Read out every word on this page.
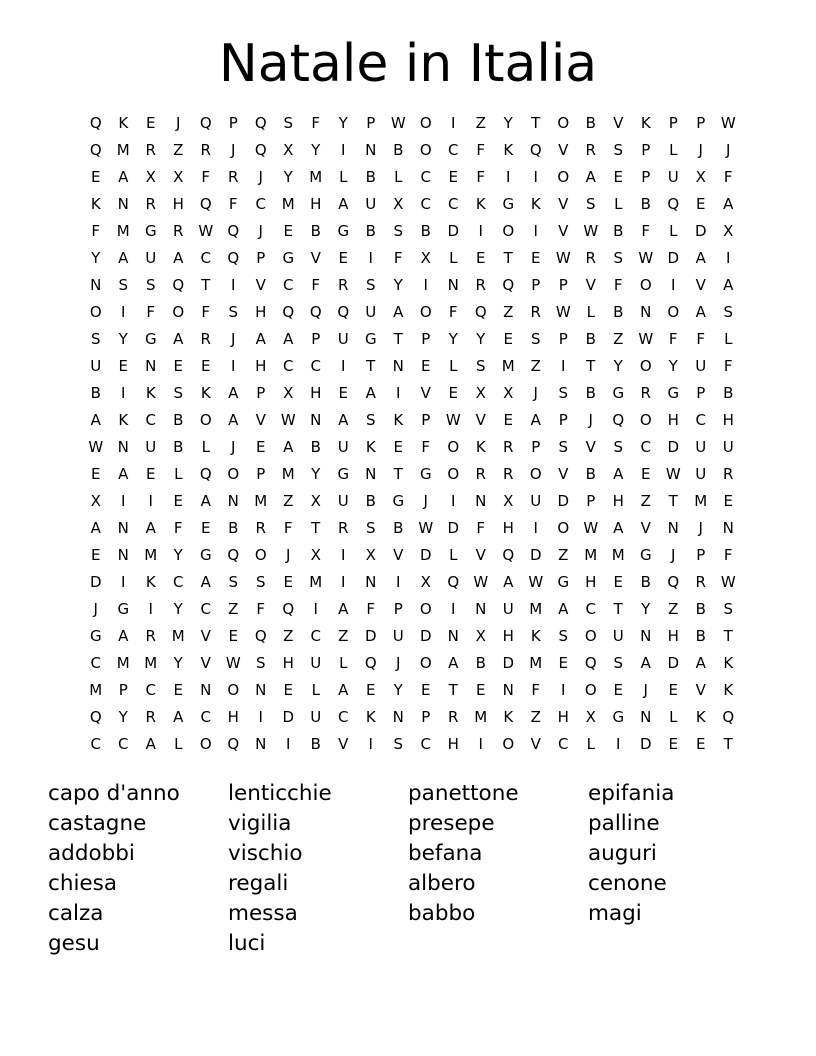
Natale in Italia
Q	K	E	J	Q	P	Q	S	F	Y	P	W O	I	Z	Y	T	O	B	V	K	P	P	W
Q	M	R	Z	R	J	Q	X	Y	I	N	B	O	C	F	K	Q	V	R	S	P	L	J	J
E	A	X	X	F	R	J	Y	M	L	B	L	C	E	F	I	I	O	A	E	P	U	X	F
K	N	R	H	Q	F	C	M	H	A	U	X	C	C	K	G	K	V	S	L	B	Q	E	A
F	M	G	R W Q	J	E	B	G	B	S	B	D	I	O	I	V W B	F	L	D	X
Y	A	U	A	C	Q	P	G	V	E	I	F	X	L	E	T	E	W R	S	W D	A	I
N	S	S	Q	T	I	V	C	F	R	S	Y	I	N	R	Q	P	P	V	F	O	I	V	A
O	I	F	O	F	S	H	Q	Q	Q	U	A	O	F	Q	Z	R W	L	B	N	O	A	S
S	Y	G	A	R	J	A	A	P	U	G	T	P	Y	Y	E	S	P	B	Z W	F	F	L
U	E	N	E	E	I	H	C	C	I	T	N	E	L	S	M	Z	I	T	Y	O	Y	U	F
B	I	K	S	K	A	P	X	H	E	A	I	V	E	X	X	J	S	B	G	R	G	P	B
A	K	C	B	O	A	V W N	A	S	K	P	W V	E	A	P	J	Q	O	H	C	H
W N	U	B	L	J	E	A	B	U	K	E	F	O	K	R	P	S	V	S	C	D	U	U
E	A	E	L	Q	O	P	M	Y	G	N	T	G	O	R	R	O	V	B	A	E	W U	R
X	I	I	E	A	N	M	Z	X	U	B	G	J	I	N	X	U	D	P	H	Z	T	M	E
A	N	A	F	E	B	R	F	T	R	S	B W D	F	H	I	O W A	V	N	J	N
E	N	M	Y	G	Q	O	J	X	I	X	V	D	L	V	Q	D	Z	M M	G	J	P	F
D	I	K	C	A	S	S	E	M	I	N	I	X	Q W A W G	H	E	B	Q	R W
J	G	I	Y	C	Z	F	Q	I	A	F	P	O	I	N	U	M	A	C	T	Y	Z	B	S
G	A	R	M	V	E	Q	Z	C	Z	D	U	D	N	X	H	K	S	O	U	N	H	B	T
C	M M	Y	V W	S	H	U	L	Q	J	O	A	B	D	M	E	Q	S	A	D	A	K
M	P	C	E	N	O	N	E	L	A	E	Y	E	T	E	N	F	I	O	E	J	E	V	K
Q	Y	R	A	C	H	I	D	U	C	K	N	P	R	M	K	Z	H	X	G	N	L	K	Q
C	C	A	L	O	Q	N	I	B	V	I	S	C	H	I	O	V	C	L	I	D	E	E	T
capo d'anno
castagne
addobbi
chiesa
calza
gesu
lenticchie
vigilia
vischio
regali
messa
luci
panettone
presepe
befana
albero
babbo
epifania
palline
auguri
cenone
magi
